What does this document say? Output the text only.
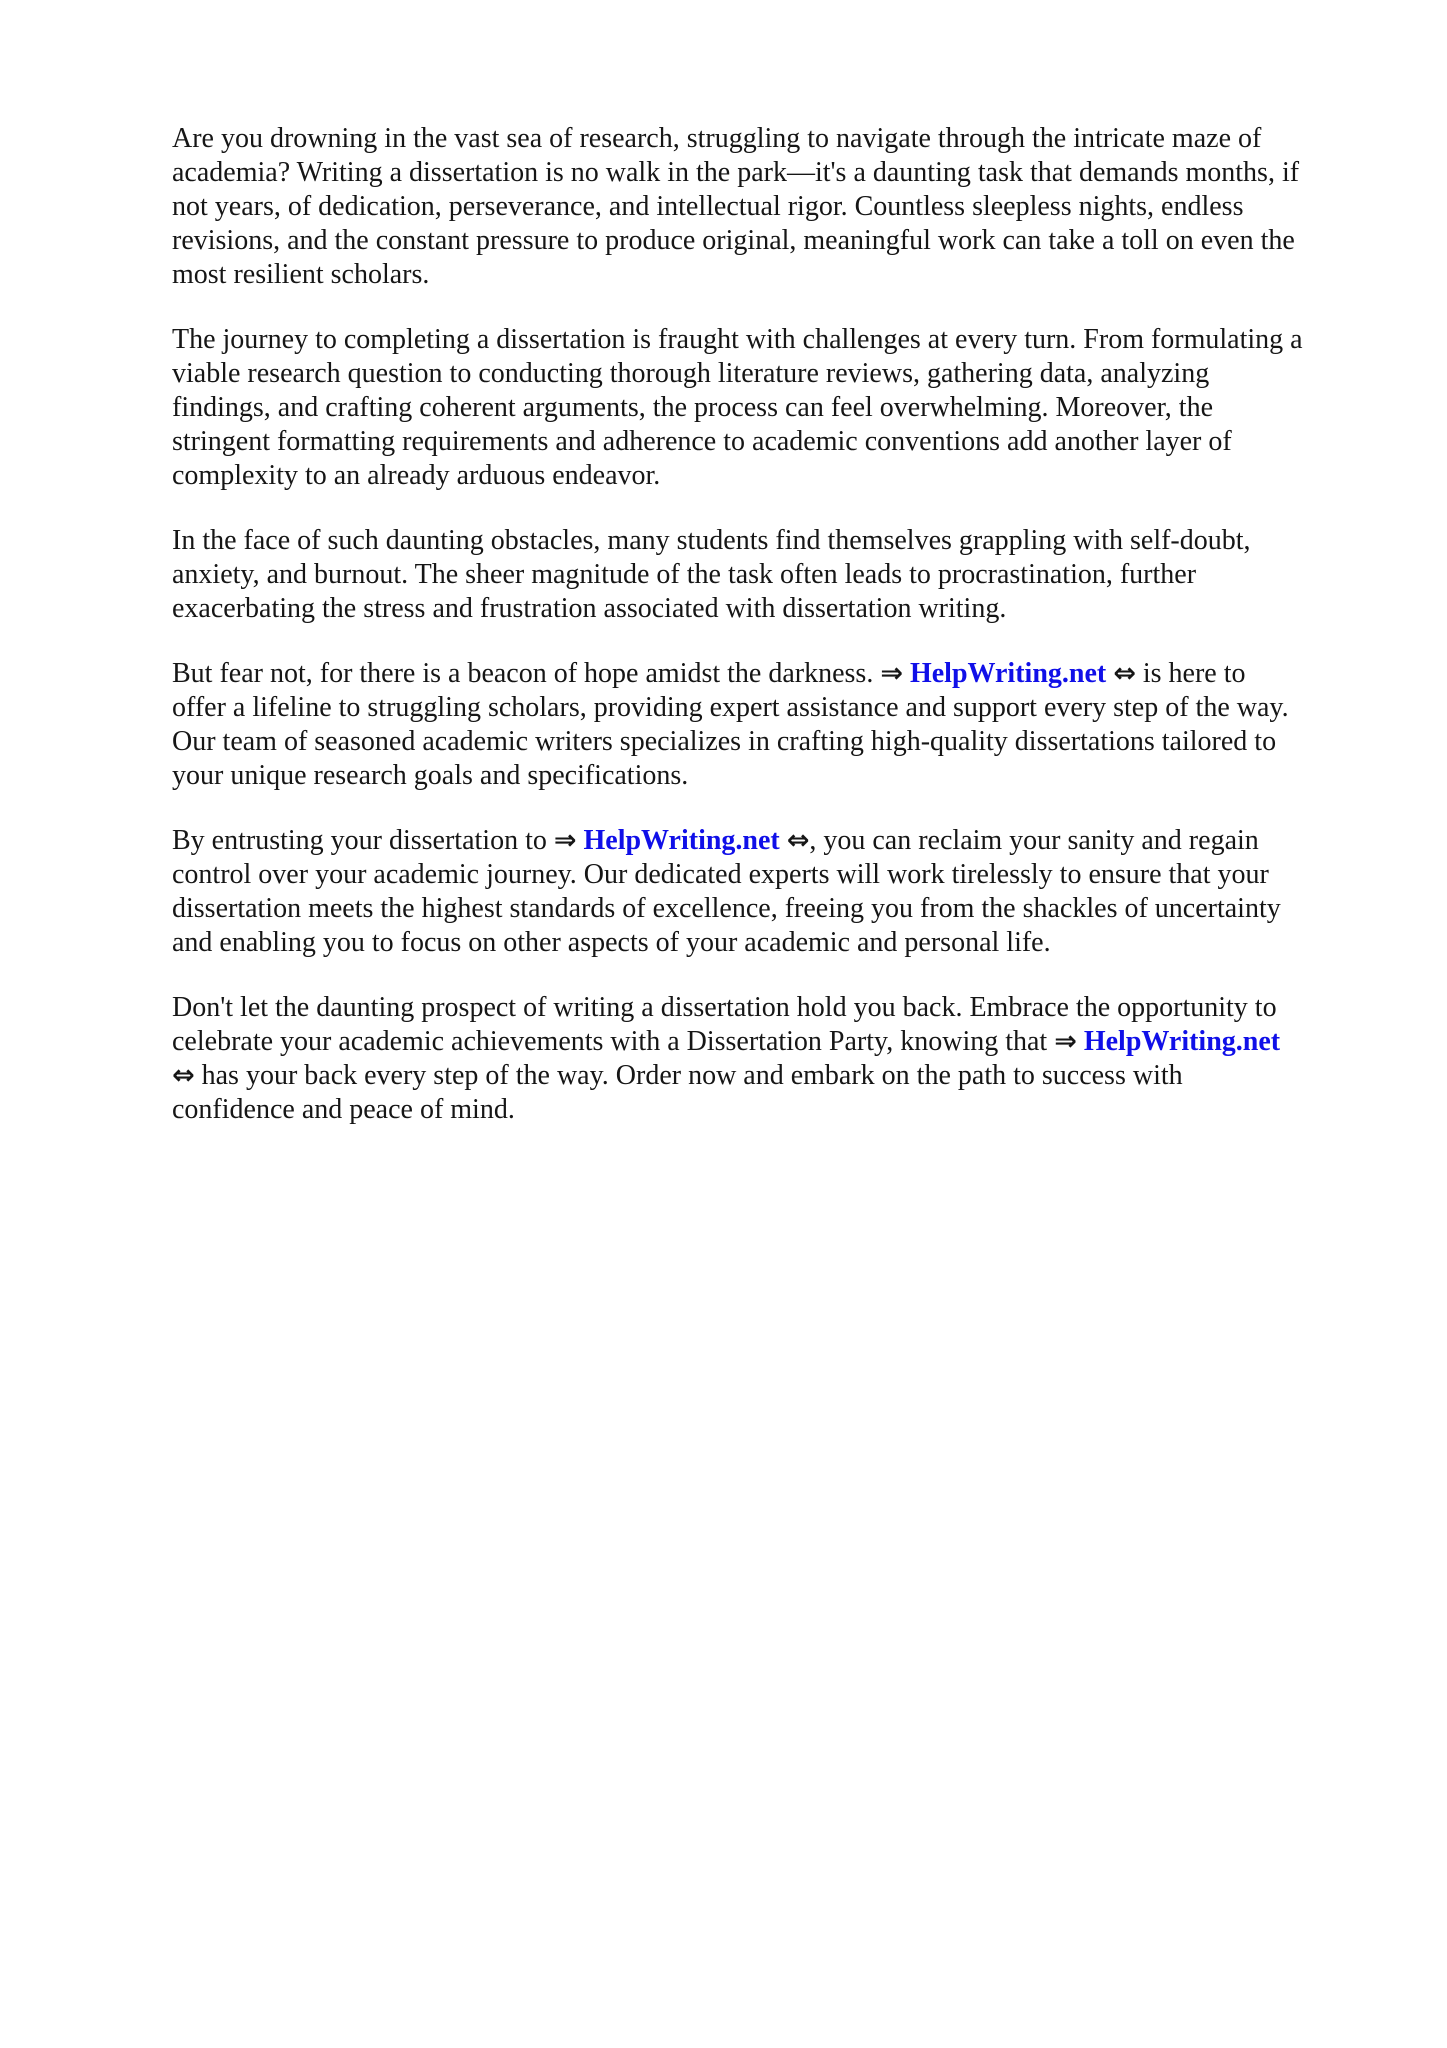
Are you drowning in the vast sea of research, struggling to navigate through the intricate maze of
academia? Writing a dissertation is no walk in the park—it's a daunting task that demands months, if
not years, of dedication, perseverance, and intellectual rigor. Countless sleepless nights, endless
revisions, and the constant pressure to produce original, meaningful work can take a toll on even the
most resilient scholars.

The journey to completing a dissertation is fraught with challenges at every turn. From formulating a
viable research question to conducting thorough literature reviews, gathering data, analyzing
findings, and crafting coherent arguments, the process can feel overwhelming. Moreover, the
stringent formatting requirements and adherence to academic conventions add another layer of
complexity to an already arduous endeavor.

In the face of such daunting obstacles, many students find themselves grappling with self-doubt,
anxiety, and burnout. The sheer magnitude of the task often leads to procrastination, further
exacerbating the stress and frustration associated with dissertation writing.

But fear not, for there is a beacon of hope amidst the darkness. ⇒ HelpWriting.net ⇔ is here to
offer a lifeline to struggling scholars, providing expert assistance and support every step of the way.
Our team of seasoned academic writers specializes in crafting high-quality dissertations tailored to
your unique research goals and specifications.

By entrusting your dissertation to ⇒ HelpWriting.net ⇔, you can reclaim your sanity and regain
control over your academic journey. Our dedicated experts will work tirelessly to ensure that your
dissertation meets the highest standards of excellence, freeing you from the shackles of uncertainty
and enabling you to focus on other aspects of your academic and personal life.

Don't let the daunting prospect of writing a dissertation hold you back. Embrace the opportunity to
celebrate your academic achievements with a Dissertation Party, knowing that ⇒ HelpWriting.net
⇔ has your back every step of the way. Order now and embark on the path to success with
confidence and peace of mind.
